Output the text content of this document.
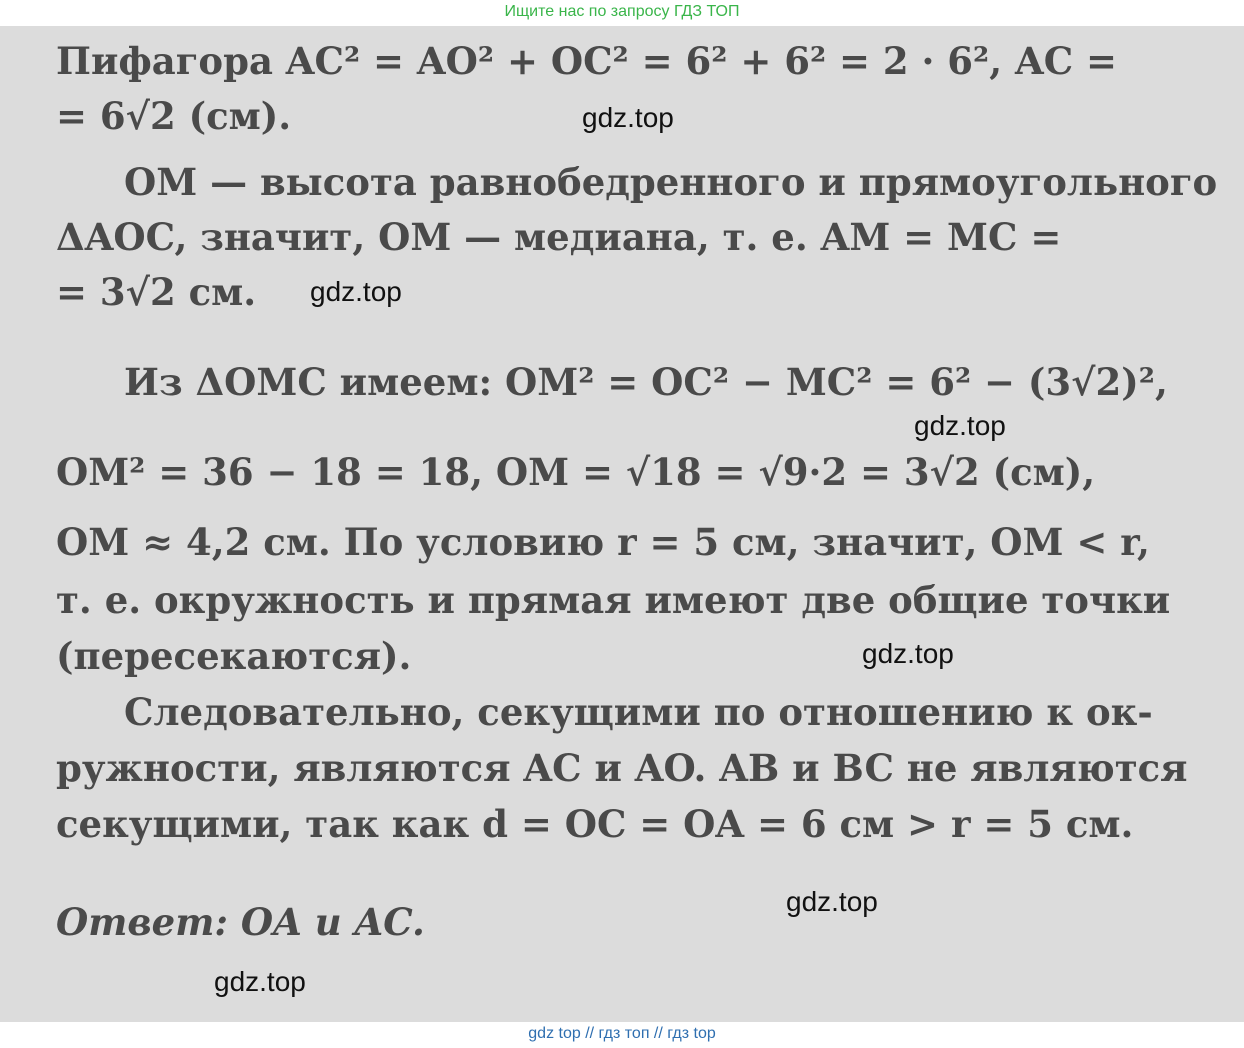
Ищите нас по запросу ГДЗ ТОП
Пифагора AC² = AO² + OC² = 6² + 6² = 2 · 6², AC =
= 6√2 (см).
OM — высота равнобедренного и прямоугольного
ΔAOC, значит, OM — медиана, т. е. AM = MC =
= 3√2 см.
Из ΔOMC имеем: OM² = OC² − MC² = 6² − (3√2)²,
OM² = 36 − 18 = 18, OM = √18 = √9·2 = 3√2 (см),
OM ≈ 4,2 см. По условию r = 5 см, значит, OM < r,
т. е. окружность и прямая имеют две общие точки
(пересекаются).
Следовательно, секущими по отношению к ок-
ружности, являются AC и AO. AB и BC не являются
секущими, так как d = OC = OA = 6 см > r = 5 см.
Ответ: OA и AC.
gdz.top
gdz.top
gdz.top
gdz.top
gdz.top
gdz.top
gdz top // гдз топ // гдз top
